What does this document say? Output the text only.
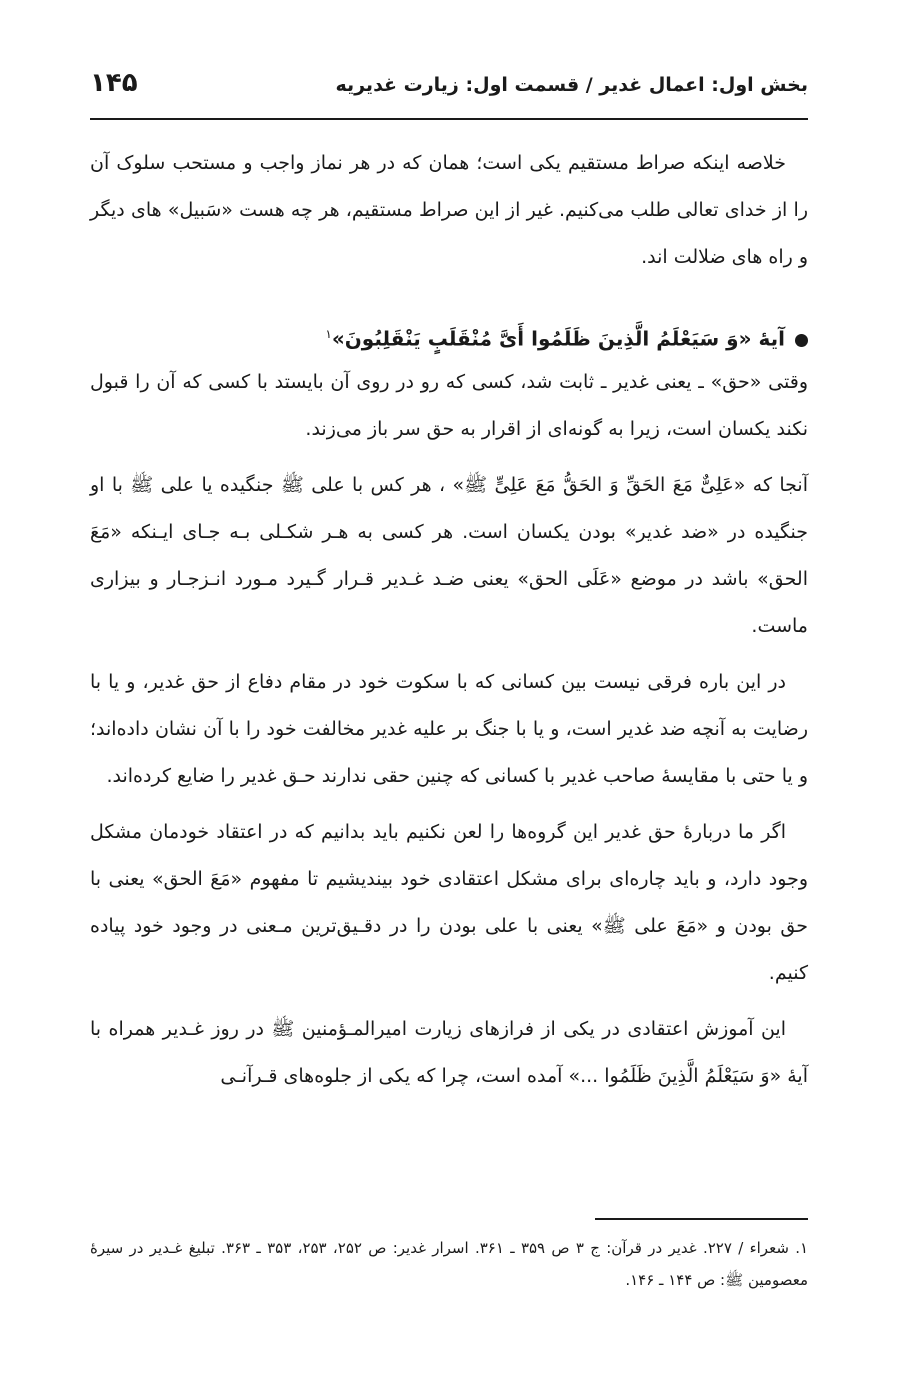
بخش اول: اعمال غدیر / قسمت اول: زیارت غدیریه
۱۴۵

خلاصه اینکه صراط مستقیم یکی است؛ همان که در هر نماز واجب و مستحب سلوک آن را از خدای تعالی طلب می‌کنیم. غیر از این صراط مستقیم، هر چه هست «سَبیل» های دیگر و راه های ضلالت اند.

آیهٔ «وَ سَیَعْلَمُ الَّذِینَ ظَلَمُوا أَیَّ مُنْقَلَبٍ یَنْقَلِبُونَ»$^۱$

وقتی «حق» ـ یعنی غدیر ـ ثابت شد، کسی که رو در روی آن بایستد با کسی که آن را قبول نکند یکسان است، زیرا به گونه‌ای از اقرار به حق سر باز می‌زند.

آنجا که «عَلِیٌّ مَعَ الحَقِّ وَ الحَقُّ مَعَ عَلِیٍّ ﷺ» ، هر کس با علی ﷺ جنگیده یا علی ﷺ با او جنگیده در «ضد غدیر» بودن یکسان است. هر کسی به هـر شکـلی بـه جـای ایـنکه «مَعَ الحق» باشد در موضع «عَلَی الحق» یعنی ضـد غـدیر قـرار گـیرد مـورد انـزجـار و بیزاری ماست.

در این باره فرقی نیست بین کسانی که با سکوت خود در مقام دفاع از حق غدیر، و یا با رضایت به آنچه ضد غدیر است، و یا با جنگ بر علیه غدیر مخالفت خود را با آن نشان داده‌اند؛ و یا حتی با مقایسهٔ صاحب غدیر با کسانی که چنین حقی ندارند حـق غدیر را ضایع کرده‌اند.

اگر ما دربارهٔ حق غدیر این گروه‌ها را لعن نکنیم باید بدانیم که در اعتقاد خودمان مشکل وجود دارد، و باید چاره‌ای برای مشکل اعتقادی خود بیندیشیم تا مفهوم «مَعَ الحق» یعنی با حق بودن و «مَعَ علی ﷺ» یعنی با علی بودن را در دقـیق‌ترین مـعنی در وجود خود پیاده کنیم.

این آموزش اعتقادی در یکی از فرازهای زیارت امیرالمـؤمنین ﷺ در روز غـدیر همراه با آیهٔ «وَ سَیَعْلَمُ الَّذِینَ ظَلَمُوا ...» آمده است، چرا که یکی از جلوه‌های قـرآنـی

۱. شعراء / ۲۲۷. غدیر در قرآن: ج ۳ ص ۳۵۹ ـ ۳۶۱. اسرار غدیر: ص ۲۵۲، ۲۵۳، ۳۵۳ ـ ۳۶۳. تبلیغ غـدیر در سیرهٔ معصومین ﷺ: ص ۱۴۴ ـ ۱۴۶.
